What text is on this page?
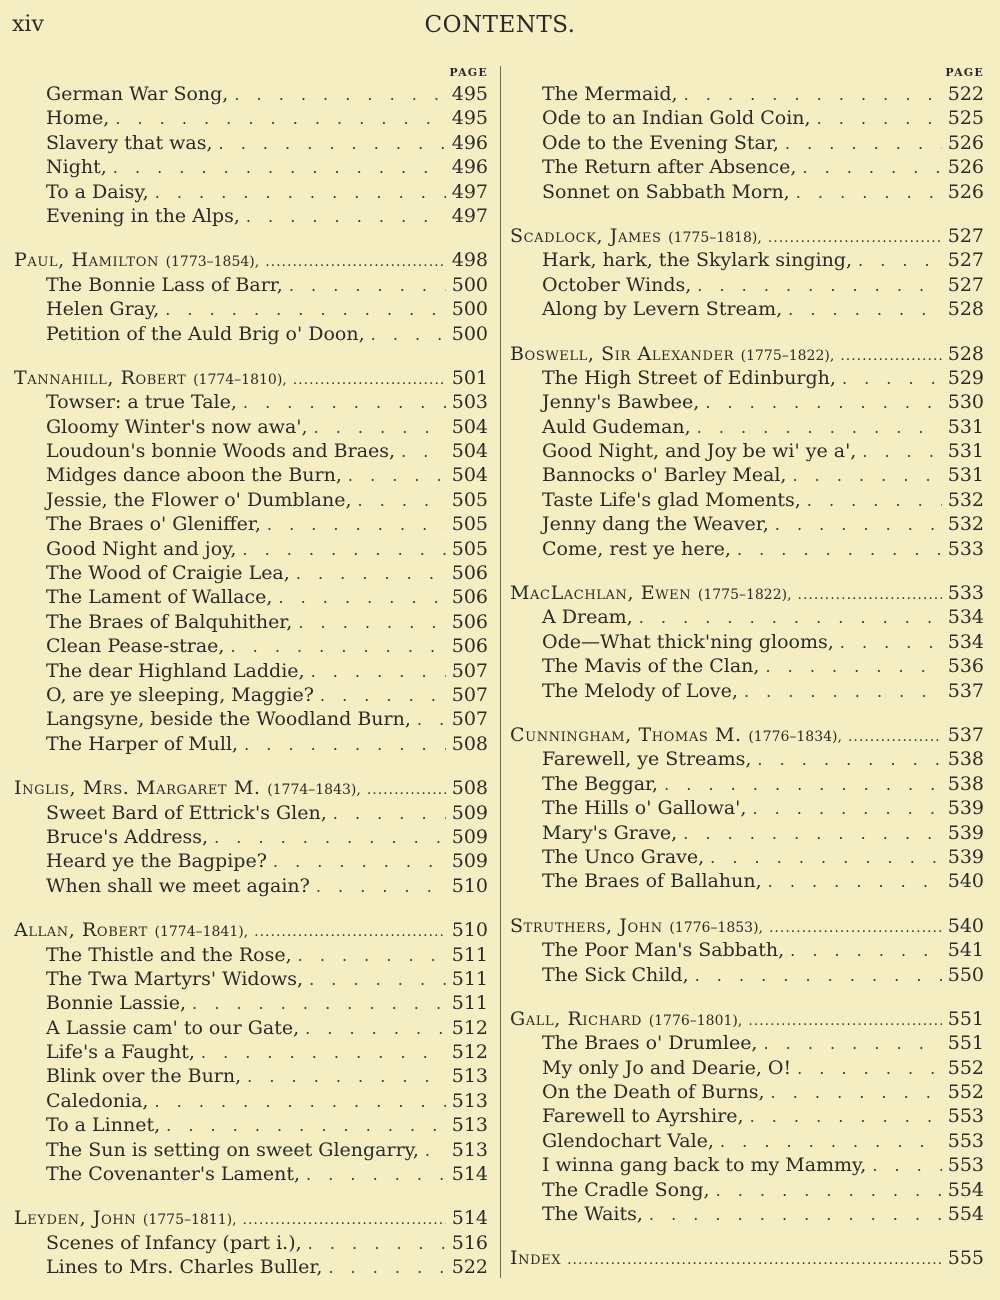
xiv	CONTENTS.
PAGE
German War Song, . . .	495
Home, . . .	495
Slavery that was, . . .	496
Night, . . .	496
To a Daisy, . . .	497
Evening in the Alps, . . .	497
Paul, Hamilton (1773–1854), .....	498
The Bonnie Lass of Barr, . . .	500
Helen Gray, . . .	500
Petition of the Auld Brig o' Doon, . . .	500
Tannahill, Robert (1774–1810), .....	501
Towser: a true Tale, . . .	503
Gloomy Winter's now awa', . . .	504
Loudoun's bonnie Woods and Braes, . . .	504
Midges dance aboon the Burn, . . .	504
Jessie, the Flower o' Dumblane, . . .	505
The Braes o' Gleniffer, . . .	505
Good Night and joy, . . .	505
The Wood of Craigie Lea, . . .	506
The Lament of Wallace, . . .	506
The Braes of Balquhither, . . .	506
Clean Pease-strae, . . .	506
The dear Highland Laddie, . . .	507
O, are ye sleeping, Maggie? . . .	507
Langsyne, beside the Woodland Burn, . . . 507
The Harper of Mull, . . .	508
Inglis, Mrs. Margaret M. (1774–1843), .....	508
Sweet Bard of Ettrick's Glen, . . .	509
Bruce's Address, . . .	509
Heard ye the Bagpipe? . . .	509
When shall we meet again? . . .	510
Allan, Robert (1774–1841), .....	510
The Thistle and the Rose, . . .	511
The Twa Martyrs' Widows, . . .	511
Bonnie Lassie, . . .	511
A Lassie cam' to our Gate, . . .	512
Life's a Faught, . . .	512
Blink over the Burn, . . .	513
Caledonia, . . .	513
To a Linnet, . . .	513
The Sun is setting on sweet Glengarry, . . . 513
The Covenanter's Lament, . . .	514
Leyden, John (1775–1811), .....	514
Scenes of Infancy (part i.), . . .	516
Lines to Mrs. Charles Buller, . . .	522
PAGE
The Mermaid, . . .	522
Ode to an Indian Gold Coin, . . .	525
Ode to the Evening Star, . . .	526
The Return after Absence, . . .	526
Sonnet on Sabbath Morn, . . .	526
Scadlock, James (1775–1818), .....	527
Hark, hark, the Skylark singing, . . .	527
October Winds, . . .	527
Along by Levern Stream, . . .	528
Boswell, Sir Alexander (1775–1822), .....	528
The High Street of Edinburgh, . . .	529
Jenny's Bawbee, . . .	530
Auld Gudeman, . . .	531
Good Night, and Joy be wi' ye a', . . .	531
Bannocks o' Barley Meal, . . .	531
Taste Life's glad Moments, . . .	532
Jenny dang the Weaver, . . .	532
Come, rest ye here, . . .	533
MacLachlan, Ewen (1775–1822), .....	533
A Dream, . . .	534
Ode—What thick'ning glooms, . . .	534
The Mavis of the Clan, . . .	536
The Melody of Love, . . .	537
Cunningham, Thomas M. (1776–1834), .....	537
Farewell, ye Streams, . . .	538
The Beggar, . . .	538
The Hills o' Gallowa', . . .	539
Mary's Grave, . . .	539
The Unco Grave, . . .	539
The Braes of Ballahun, . . .	540
Struthers, John (1776–1853), .....	540
The Poor Man's Sabbath, . . .	541
The Sick Child, . . .	550
Gall, Richard (1776–1801), .....	551
The Braes o' Drumlee, . . .	551
My only Jo and Dearie, O! . . .	552
On the Death of Burns, . . .	552
Farewell to Ayrshire, . . .	553
Glendochart Vale, . . .	553
I winna gang back to my Mammy, . . .	553
The Cradle Song, . . .	554
The Waits, . . .	554
Index .....	555
